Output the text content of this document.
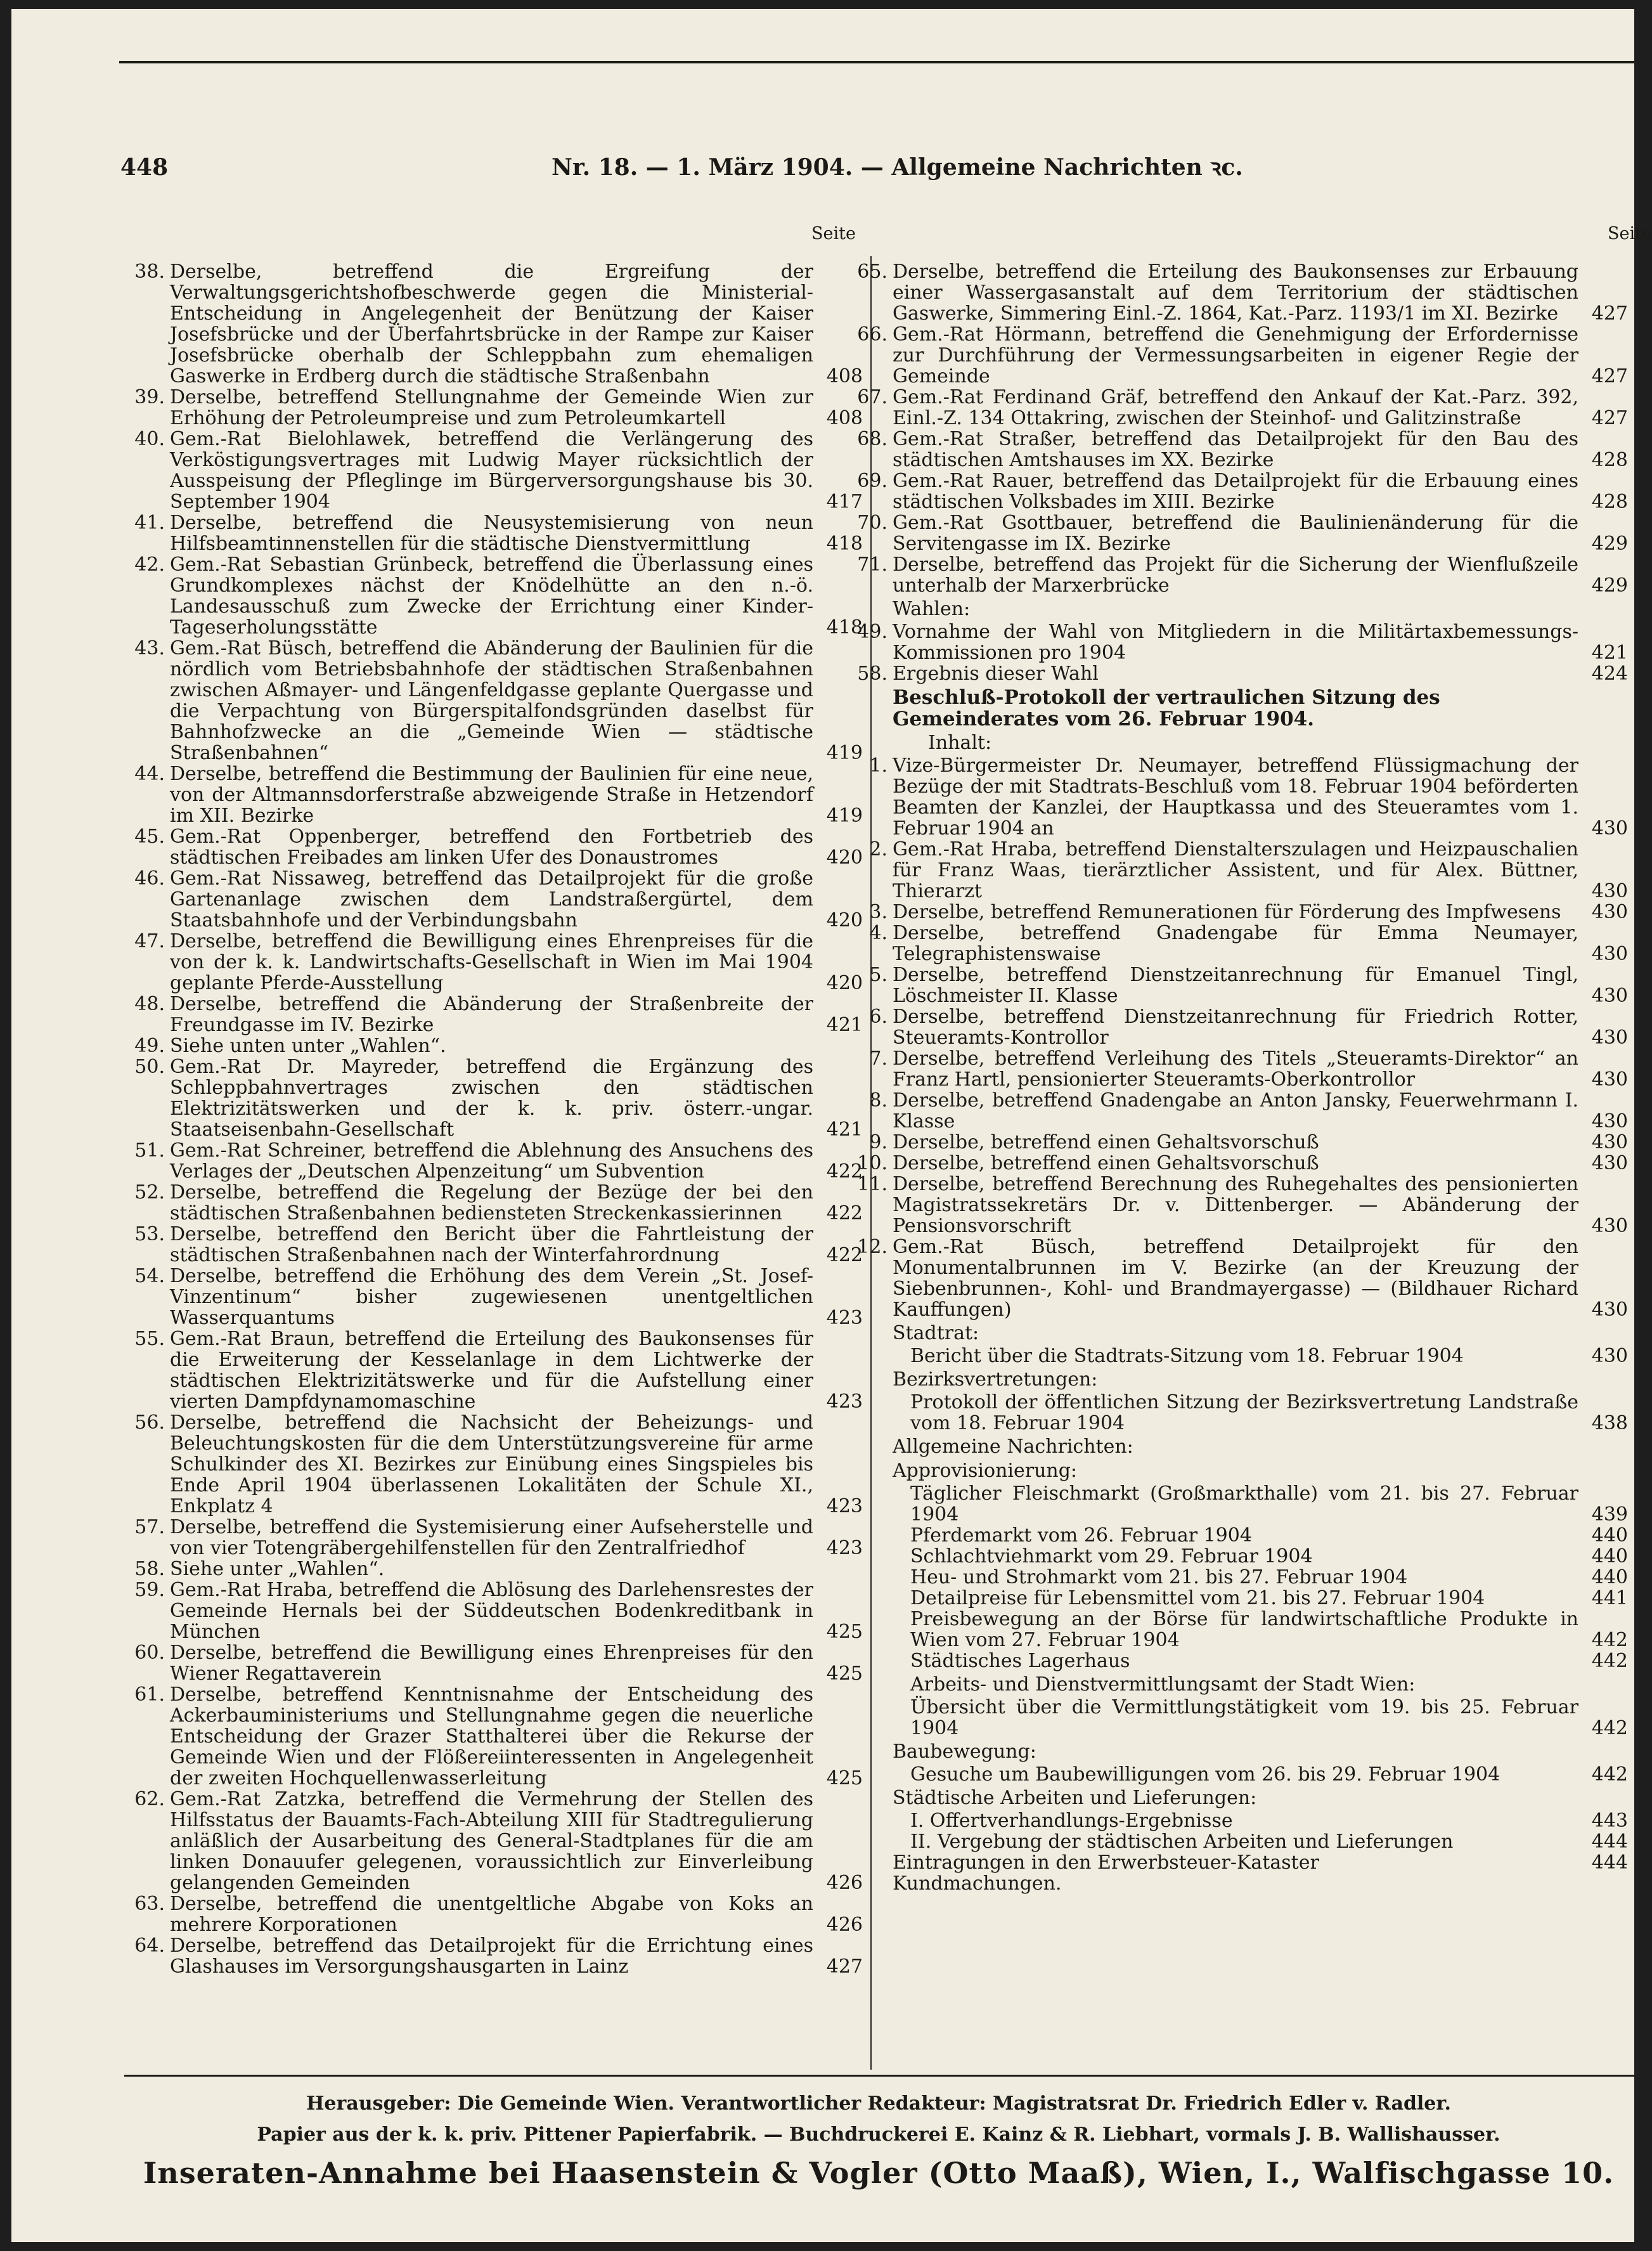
448	Nr. 18. — 1. März 1904. — Allgemeine Nachrichten ꝛc.
Seite	Seite
38. Derselbe, betreffend die Ergreifung der Verwaltungsgerichtshofbeschwerde gegen die Ministerial-Entscheidung in Angelegenheit der Benützung der Kaiser Josefsbrücke und der Überfahrtsbrücke in der Rampe zur Kaiser Josefsbrücke oberhalb der Schleppbahn zum ehemaligen Gaswerke in Erdberg durch die städtische Straßenbahn	408
39. Derselbe, betreffend Stellungnahme der Gemeinde Wien zur Erhöhung der Petroleumpreise und zum Petroleumkartell	408
40. Gem.-Rat Bielohlawek, betreffend die Verlängerung des Verköstigungsvertrages mit Ludwig Mayer rücksichtlich der Ausspeisung der Pfleglinge im Bürgerversorgungshause bis 30. September 1904	417
41. Derselbe, betreffend die Neusystemisierung von neun Hilfsbeamtinnenstellen für die städtische Dienstvermittlung	418
42. Gem.-Rat Sebastian Grünbeck, betreffend die Überlassung eines Grundkomplexes nächst der Knödelhütte an den n.-ö. Landesausschuß zum Zwecke der Errichtung einer Kinder-Tageserholungsstätte	418
43. Gem.-Rat Büsch, betreffend die Abänderung der Baulinien für die nördlich vom Betriebsbahnhofe der städtischen Straßenbahnen zwischen Aßmayer- und Längenfeldgasse geplante Quergasse und die Verpachtung von Bürgerspitalfondsgründen daselbst für Bahnhofzwecke an die „Gemeinde Wien — städtische Straßenbahnen“	419
44. Derselbe, betreffend die Bestimmung der Baulinien für eine neue, von der Altmannsdorferstraße abzweigende Straße in Hetzendorf im XII. Bezirke	419
45. Gem.-Rat Oppenberger, betreffend den Fortbetrieb des städtischen Freibades am linken Ufer des Donaustromes	420
46. Gem.-Rat Nissaweg, betreffend das Detailprojekt für die große Gartenanlage zwischen dem Landstraßergürtel, dem Staatsbahnhofe und der Verbindungsbahn	420
47. Derselbe, betreffend die Bewilligung eines Ehrenpreises für die von der k. k. Landwirtschafts-Gesellschaft in Wien im Mai 1904 geplante Pferde-Ausstellung	420
48. Derselbe, betreffend die Abänderung der Straßenbreite der Freundgasse im IV. Bezirke	421
49. Siehe unten unter „Wahlen“.
50. Gem.-Rat Dr. Mayreder, betreffend die Ergänzung des Schleppbahnvertrages zwischen den städtischen Elektrizitätswerken und der k. k. priv. österr.-ungar. Staatseisenbahn-Gesellschaft	421
51. Gem.-Rat Schreiner, betreffend die Ablehnung des Ansuchens des Verlages der „Deutschen Alpenzeitung“ um Subvention	422
52. Derselbe, betreffend die Regelung der Bezüge der bei den städtischen Straßenbahnen bediensteten Streckenkassierinnen	422
53. Derselbe, betreffend den Bericht über die Fahrtleistung der städtischen Straßenbahnen nach der Winterfahrordnung	422
54. Derselbe, betreffend die Erhöhung des dem Verein „St. Josef-Vinzentinum“ bisher zugewiesenen unentgeltlichen Wasserquantums	423
55. Gem.-Rat Braun, betreffend die Erteilung des Baukonsenses für die Erweiterung der Kesselanlage in dem Lichtwerke der städtischen Elektrizitätswerke und für die Aufstellung einer vierten Dampfdynamomaschine	423
56. Derselbe, betreffend die Nachsicht der Beheizungs- und Beleuchtungskosten für die dem Unterstützungsvereine für arme Schulkinder des XI. Bezirkes zur Einübung eines Singspieles bis Ende April 1904 überlassenen Lokalitäten der Schule XI., Enkplatz 4	423
57. Derselbe, betreffend die Systemisierung einer Aufseherstelle und von vier Totengräbergehilfenstellen für den Zentralfriedhof	423
58. Siehe unter „Wahlen“.
59. Gem.-Rat Hraba, betreffend die Ablösung des Darlehensrestes der Gemeinde Hernals bei der Süddeutschen Bodenkreditbank in München	425
60. Derselbe, betreffend die Bewilligung eines Ehrenpreises für den Wiener Regattaverein	425
61. Derselbe, betreffend Kenntnisnahme der Entscheidung des Ackerbauministeriums und Stellungnahme gegen die neuerliche Entscheidung der Grazer Statthalterei über die Rekurse der Gemeinde Wien und der Flößereiinteressenten in Angelegenheit der zweiten Hochquellenwasserleitung	425
62. Gem.-Rat Zatzka, betreffend die Vermehrung der Stellen des Hilfsstatus der Bauamts-Fach-Abteilung XIII für Stadtregulierung anläßlich der Ausarbeitung des General-Stadtplanes für die am linken Donauufer gelegenen, voraussichtlich zur Einverleibung gelangenden Gemeinden	426
63. Derselbe, betreffend die unentgeltliche Abgabe von Koks an mehrere Korporationen	426
64. Derselbe, betreffend das Detailprojekt für die Errichtung eines Glashauses im Versorgungshausgarten in Lainz	427
65. Derselbe, betreffend die Erteilung des Baukonsenses zur Erbauung einer Wassergasanstalt auf dem Territorium der städtischen Gaswerke, Simmering Einl.-Z. 1864, Kat.-Parz. 1193/1 im XI. Bezirke	427
66. Gem.-Rat Hörmann, betreffend die Genehmigung der Erfordernisse zur Durchführung der Vermessungsarbeiten in eigener Regie der Gemeinde	427
67. Gem.-Rat Ferdinand Gräf, betreffend den Ankauf der Kat.-Parz. 392, Einl.-Z. 134 Ottakring, zwischen der Steinhof- und Galitzinstraße	427
68. Gem.-Rat Straßer, betreffend das Detailprojekt für den Bau des städtischen Amtshauses im XX. Bezirke	428
69. Gem.-Rat Rauer, betreffend das Detailprojekt für die Erbauung eines städtischen Volksbades im XIII. Bezirke	428
70. Gem.-Rat Gsottbauer, betreffend die Baulinienänderung für die Servitengasse im IX. Bezirke	429
71. Derselbe, betreffend das Projekt für die Sicherung der Wienflußzeile unterhalb der Marxerbrücke	429
Wahlen:
49. Vornahme der Wahl von Mitgliedern in die Militärtaxbemessungs-Kommissionen pro 1904	421
58. Ergebnis dieser Wahl	424
Beschluß-Protokoll der vertraulichen Sitzung des Gemeinderates vom 26. Februar 1904.
Inhalt:
1. Vize-Bürgermeister Dr. Neumayer, betreffend Flüssigmachung der Bezüge der mit Stadtrats-Beschluß vom 18. Februar 1904 beförderten Beamten der Kanzlei, der Hauptkassa und des Steueramtes vom 1. Februar 1904 an	430
2. Gem.-Rat Hraba, betreffend Dienstalterszulagen und Heizpauschalien für Franz Waas, tierärztlicher Assistent, und für Alex. Büttner, Thierarzt	430
3. Derselbe, betreffend Remunerationen für Förderung des Impfwesens	430
4. Derselbe, betreffend Gnadengabe für Emma Neumayer, Telegraphistenswaise	430
5. Derselbe, betreffend Dienstzeitanrechnung für Emanuel Tingl, Löschmeister II. Klasse	430
6. Derselbe, betreffend Dienstzeitanrechnung für Friedrich Rotter, Steueramts-Kontrollor	430
7. Derselbe, betreffend Verleihung des Titels „Steueramts-Direktor“ an Franz Hartl, pensionierter Steueramts-Oberkontrollor	430
8. Derselbe, betreffend Gnadengabe an Anton Jansky, Feuerwehrmann I. Klasse	430
9. Derselbe, betreffend einen Gehaltsvorschuß	430
10. Derselbe, betreffend einen Gehaltsvorschuß	430
11. Derselbe, betreffend Berechnung des Ruhegehaltes des pensionierten Magistratssekretärs Dr. v. Dittenberger. — Abänderung der Pensionsvorschrift	430
12. Gem.-Rat Büsch, betreffend Detailprojekt für den Monumentalbrunnen im V. Bezirke (an der Kreuzung der Siebenbrunnen-, Kohl- und Brandmayergasse) — (Bildhauer Richard Kauffungen)	430
Stadtrat:
Bericht über die Stadtrats-Sitzung vom 18. Februar 1904	430
Bezirksvertretungen:
Protokoll der öffentlichen Sitzung der Bezirksvertretung Landstraße vom 18. Februar 1904	438
Allgemeine Nachrichten:
Approvisionierung:
Täglicher Fleischmarkt (Großmarkthalle) vom 21. bis 27. Februar 1904	439
Pferdemarkt vom 26. Februar 1904	440
Schlachtviehmarkt vom 29. Februar 1904	440
Heu- und Strohmarkt vom 21. bis 27. Februar 1904	440
Detailpreise für Lebensmittel vom 21. bis 27. Februar 1904	441
Preisbewegung an der Börse für landwirtschaftliche Produkte in Wien vom 27. Februar 1904	442
Städtisches Lagerhaus	442
Arbeits- und Dienstvermittlungsamt der Stadt Wien:
Übersicht über die Vermittlungstätigkeit vom 19. bis 25. Februar 1904	442
Baubewegung:
Gesuche um Baubewilligungen vom 26. bis 29. Februar 1904	442
Städtische Arbeiten und Lieferungen:
I. Offertverhandlungs-Ergebnisse	443
II. Vergebung der städtischen Arbeiten und Lieferungen	444
Eintragungen in den Erwerbsteuer-Kataster	444
Kundmachungen.
Herausgeber: Die Gemeinde Wien. Verantwortlicher Redakteur: Magistratsrat Dr. Friedrich Edler v. Radler.
Papier aus der k. k. priv. Pittener Papierfabrik. — Buchdruckerei E. Kainz & R. Liebhart, vormals J. B. Wallishausser.
Inseraten-Annahme bei Haasenstein & Vogler (Otto Maaß), Wien, I., Walfischgasse 10.
